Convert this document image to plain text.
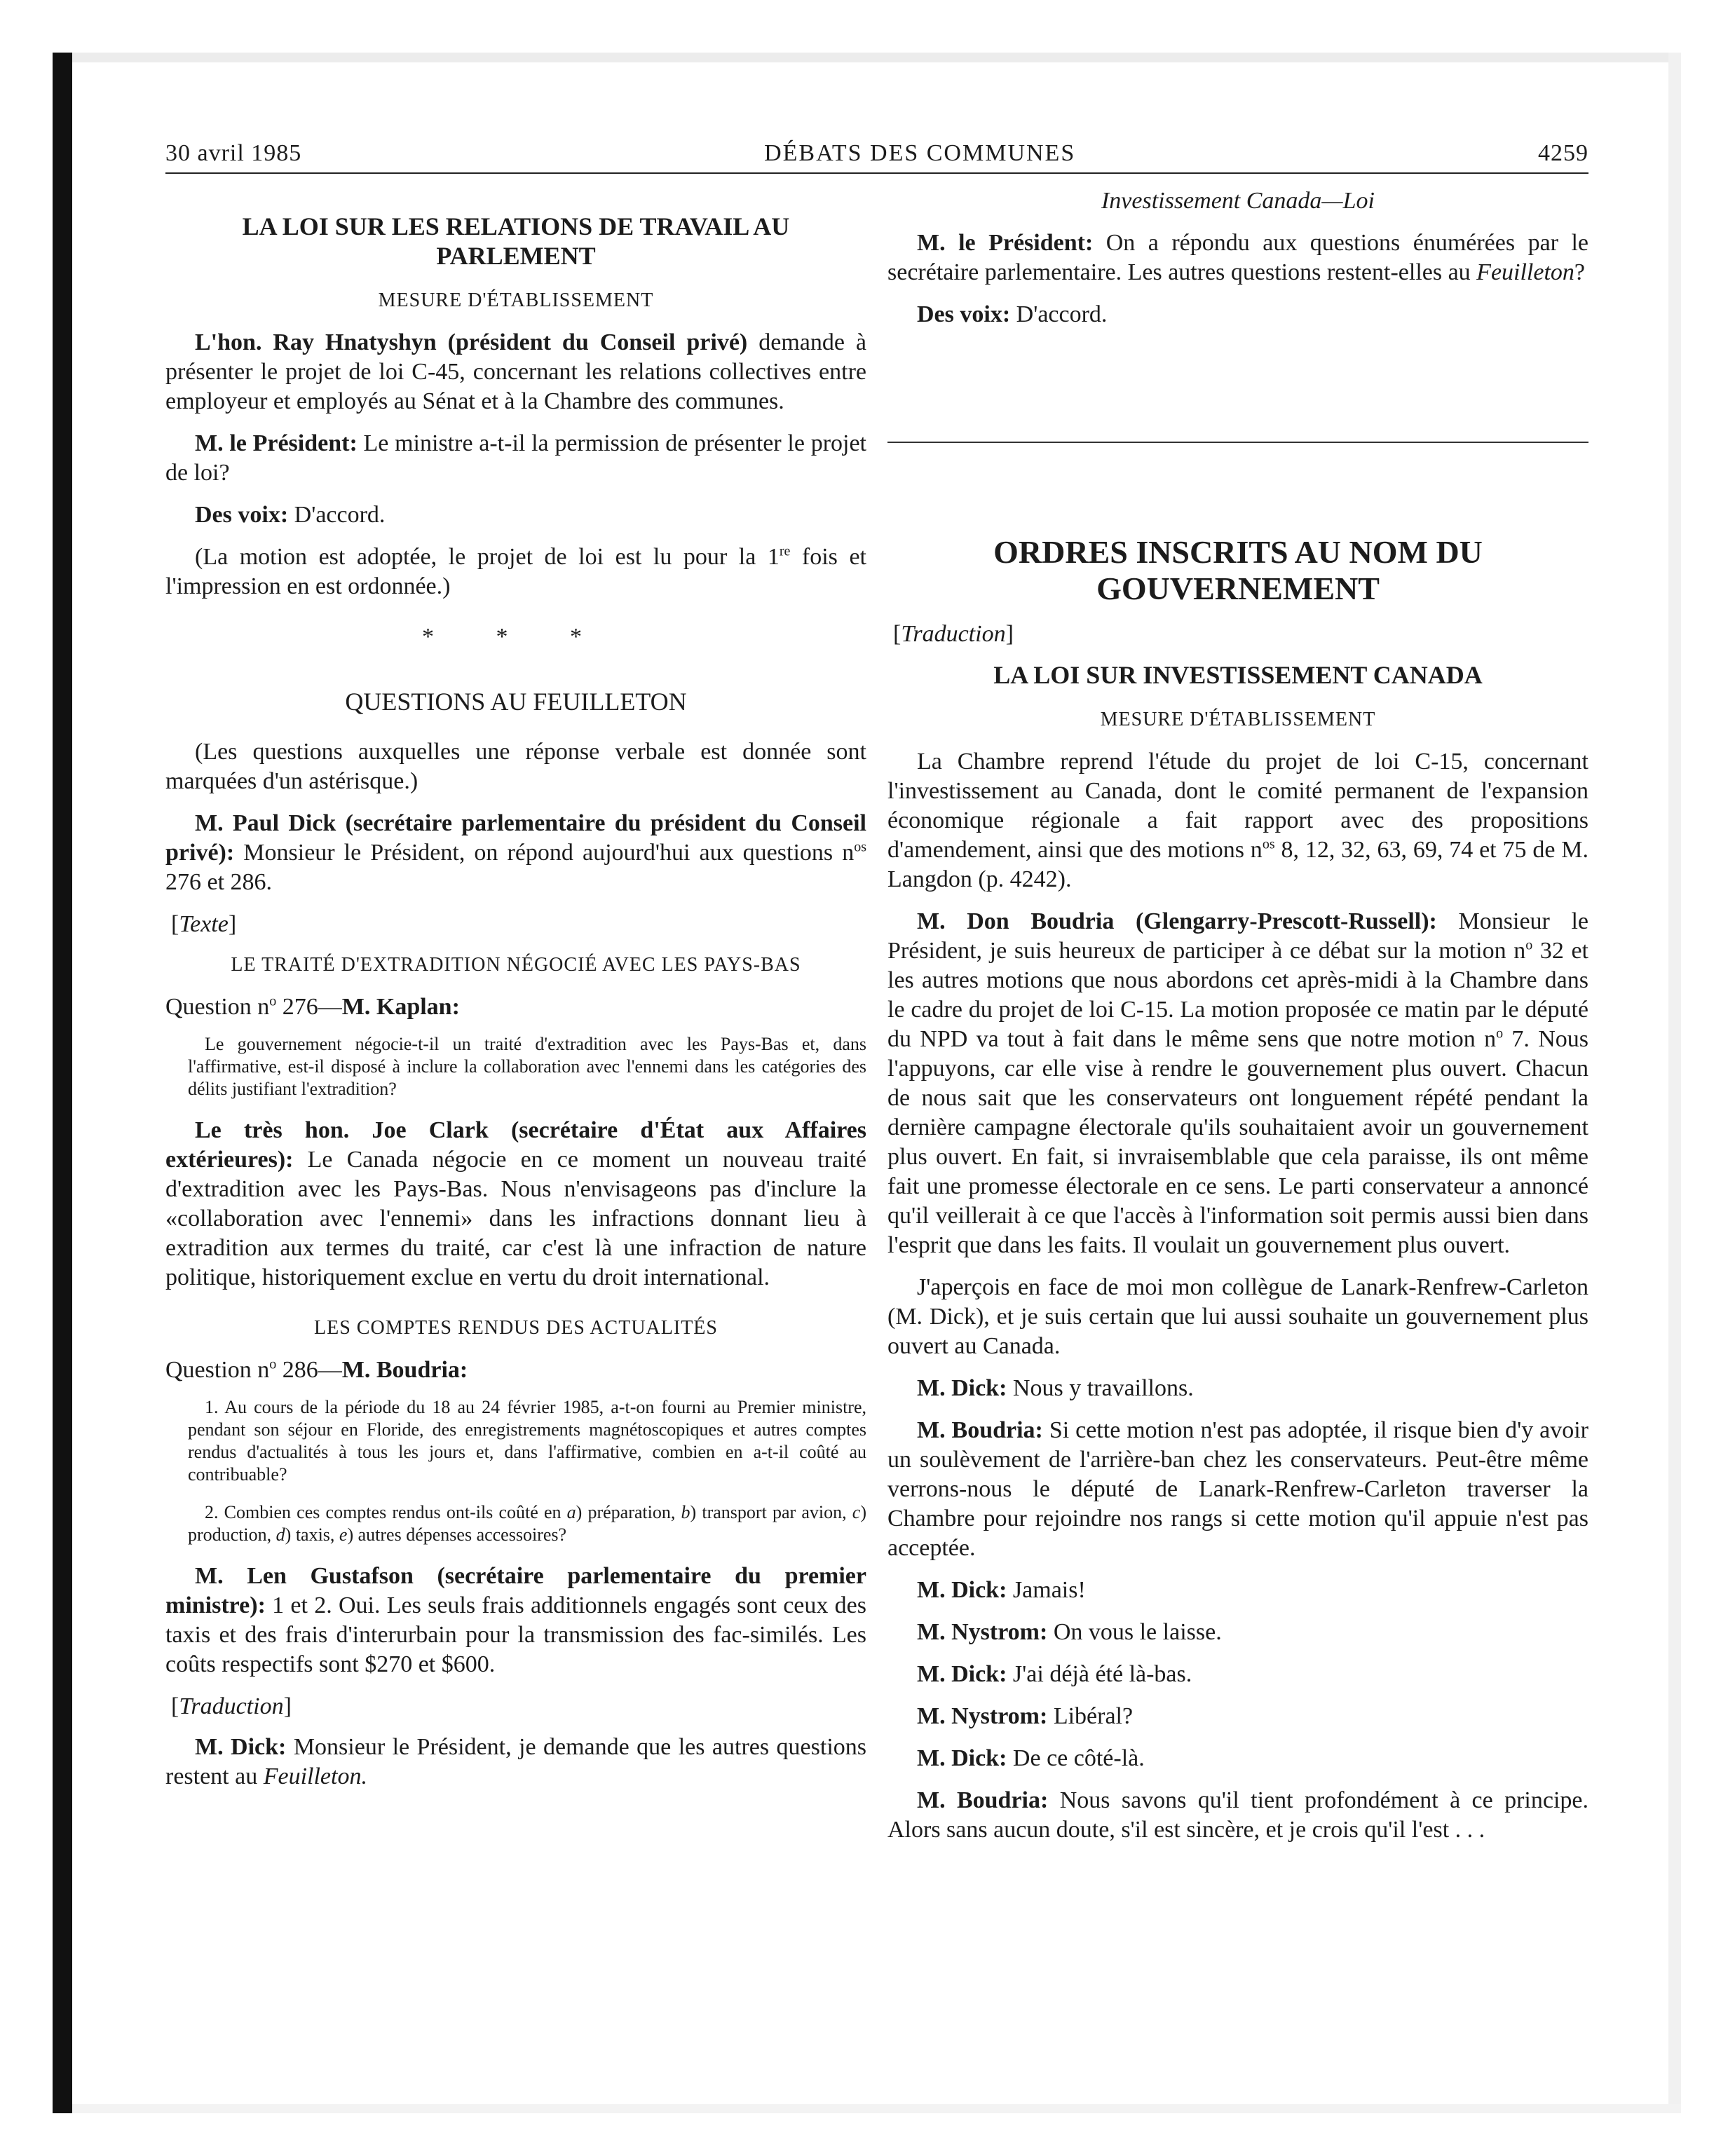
30 avril 1985	DÉBATS DES COMMUNES	4259
LA LOI SUR LES RELATIONS DE TRAVAIL AU PARLEMENT
MESURE D'ÉTABLISSEMENT

L'hon. Ray Hnatyshyn (président du Conseil privé) demande à présenter le projet de loi C-45, concernant les relations collectives entre employeur et employés au Sénat et à la Chambre des communes.

M. le Président: Le ministre a-t-il la permission de présenter le projet de loi?

Des voix: D'accord.

(La motion est adoptée, le projet de loi est lu pour la 1re fois et l'impression en est ordonnée.)

* * *
QUESTIONS AU FEUILLETON

(Les questions auxquelles une réponse verbale est donnée sont marquées d'un astérisque.)

M. Paul Dick (secrétaire parlementaire du président du Conseil privé): Monsieur le Président, on répond aujourd'hui aux questions $n^{os}$ 276 et 286.

[Texte]
LE TRAITÉ D'EXTRADITION NÉGOCIÉ AVEC LES PAYS-BAS
Question $n^o$ 276—M. Kaplan:
Le gouvernement négocie-t-il un traité d'extradition avec les Pays-Bas et, dans l'affirmative, est-il disposé à inclure la collaboration avec l'ennemi dans les catégories des délits justifiant l'extradition?

Le très hon. Joe Clark (secrétaire d'État aux Affaires extérieures): Le Canada négocie en ce moment un nouveau traité d'extradition avec les Pays-Bas. Nous n'envisageons pas d'inclure la «collaboration avec l'ennemi» dans les infractions donnant lieu à extradition aux termes du traité, car c'est là une infraction de nature politique, historiquement exclue en vertu du droit international.

LES COMPTES RENDUS DES ACTUALITÉS
Question $n^o$ 286—M. Boudria:
1. Au cours de la période du 18 au 24 février 1985, a-t-on fourni au Premier ministre, pendant son séjour en Floride, des enregistrements magnétoscopiques et autres comptes rendus d'actualités à tous les jours et, dans l'affirmative, combien en a-t-il coûté au contribuable?
2. Combien ces comptes rendus ont-ils coûté en a) préparation, b) transport par avion, c) production, d) taxis, e) autres dépenses accessoires?

M. Len Gustafson (secrétaire parlementaire du premier ministre): 1 et 2. Oui. Les seuls frais additionnels engagés sont ceux des taxis et des frais d'interurbain pour la transmission des fac-similés. Les coûts respectifs sont $270 et $600.

[Traduction]

M. Dick: Monsieur le Président, je demande que les autres questions restent au Feuilleton.

Investissement Canada—Loi

M. le Président: On a répondu aux questions énumérées par le secrétaire parlementaire. Les autres questions restent-elles au Feuilleton?

Des voix: D'accord.

ORDRES INSCRITS AU NOM DU GOUVERNEMENT
[Traduction]
LA LOI SUR INVESTISSEMENT CANADA
MESURE D'ÉTABLISSEMENT

La Chambre reprend l'étude du projet de loi C-15, concernant l'investissement au Canada, dont le comité permanent de l'expansion économique régionale a fait rapport avec des propositions d'amendement, ainsi que des motions $n^{os}$ 8, 12, 32, 63, 69, 74 et 75 de M. Langdon (p. 4242).

M. Don Boudria (Glengarry-Prescott-Russell): Monsieur le Président, je suis heureux de participer à ce débat sur la motion $n^o$ 32 et les autres motions que nous abordons cet après-midi à la Chambre dans le cadre du projet de loi C-15. La motion proposée ce matin par le député du NPD va tout à fait dans le même sens que notre motion $n^o$ 7. Nous l'appuyons, car elle vise à rendre le gouvernement plus ouvert. Chacun de nous sait que les conservateurs ont longuement répété pendant la dernière campagne électorale qu'ils souhaitaient avoir un gouvernement plus ouvert. En fait, si invraisemblable que cela paraisse, ils ont même fait une promesse électorale en ce sens. Le parti conservateur a annoncé qu'il veillerait à ce que l'accès à l'information soit permis aussi bien dans l'esprit que dans les faits. Il voulait un gouvernement plus ouvert.

J'aperçois en face de moi mon collègue de Lanark-Renfrew-Carleton (M. Dick), et je suis certain que lui aussi souhaite un gouvernement plus ouvert au Canada.

M. Dick: Nous y travaillons.

M. Boudria: Si cette motion n'est pas adoptée, il risque bien d'y avoir un soulèvement de l'arrière-ban chez les conservateurs. Peut-être même verrons-nous le député de Lanark-Renfrew-Carleton traverser la Chambre pour rejoindre nos rangs si cette motion qu'il appuie n'est pas acceptée.

M. Dick: Jamais!

M. Nystrom: On vous le laisse.

M. Dick: J'ai déjà été là-bas.

M. Nystrom: Libéral?

M. Dick: De ce côté-là.

M. Boudria: Nous savons qu'il tient profondément à ce principe. Alors sans aucun doute, s'il est sincère, et je crois qu'il l'est . . .
